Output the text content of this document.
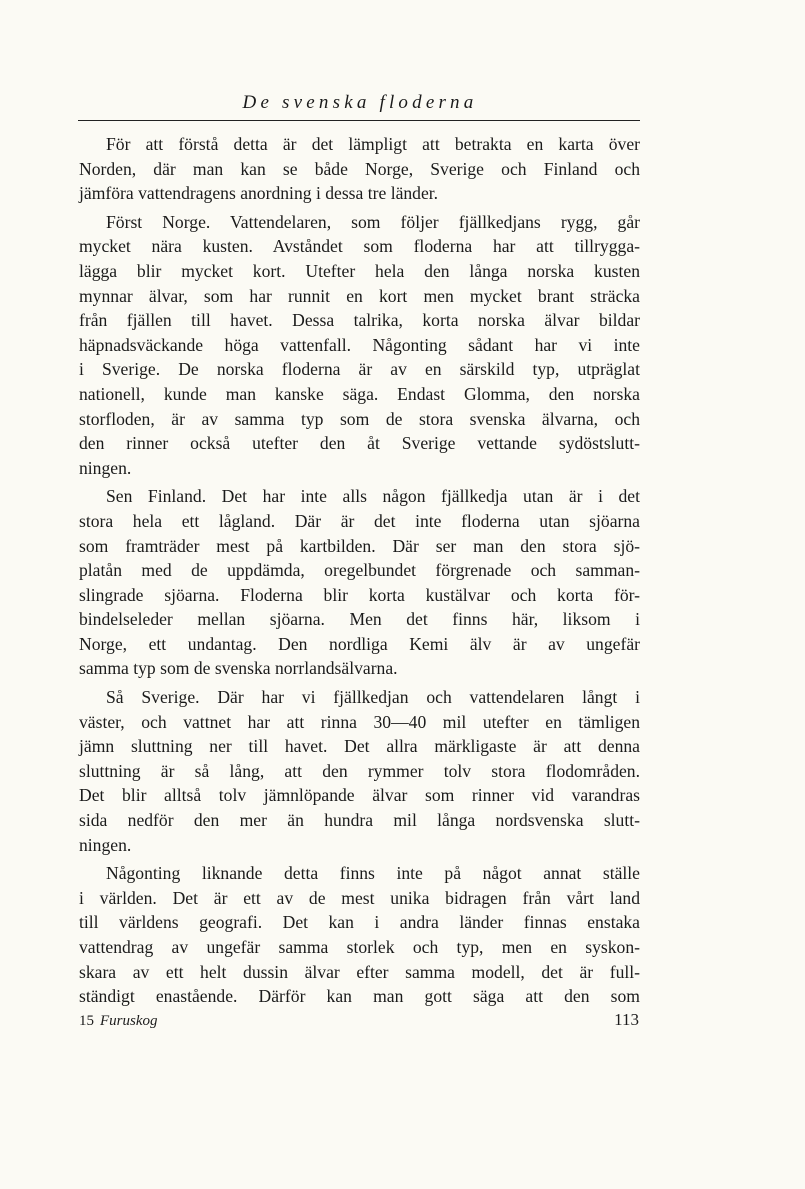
De svenska floderna
För att förstå detta är det lämpligt att betrakta en karta över
Norden, där man kan se både Norge, Sverige och Finland och
jämföra vattendragens anordning i dessa tre länder.
Först Norge. Vattendelaren, som följer fjällkedjans rygg, går
mycket nära kusten. Avståndet som floderna har att tillrygga-
lägga blir mycket kort. Utefter hela den långa norska kusten
mynnar älvar, som har runnit en kort men mycket brant sträcka
från fjällen till havet. Dessa talrika, korta norska älvar bildar
häpnadsväckande höga vattenfall. Någonting sådant har vi inte
i Sverige. De norska floderna är av en särskild typ, utpräglat
nationell, kunde man kanske säga. Endast Glomma, den norska
storfloden, är av samma typ som de stora svenska älvarna, och
den rinner också utefter den åt Sverige vettande sydöstslutt-
ningen.
Sen Finland. Det har inte alls någon fjällkedja utan är i det
stora hela ett lågland. Där är det inte floderna utan sjöarna
som framträder mest på kartbilden. Där ser man den stora sjö-
platån med de uppdämda, oregelbundet förgrenade och samman-
slingrade sjöarna. Floderna blir korta kustälvar och korta för-
bindelseleder mellan sjöarna. Men det finns här, liksom i
Norge, ett undantag. Den nordliga Kemi älv är av ungefär
samma typ som de svenska norrlandsälvarna.
Så Sverige. Där har vi fjällkedjan och vattendelaren långt i
väster, och vattnet har att rinna 30—40 mil utefter en tämligen
jämn sluttning ner till havet. Det allra märkligaste är att denna
sluttning är så lång, att den rymmer tolv stora flodområden.
Det blir alltså tolv jämnlöpande älvar som rinner vid varandras
sida nedför den mer än hundra mil långa nordsvenska slutt-
ningen.
Någonting liknande detta finns inte på något annat ställe
i världen. Det är ett av de mest unika bidragen från vårt land
till världens geografi. Det kan i andra länder finnas enstaka
vattendrag av ungefär samma storlek och typ, men en syskon-
skara av ett helt dussin älvar efter samma modell, det är full-
ständigt enastående. Därför kan man gott säga att den som
15 Furuskog	113
